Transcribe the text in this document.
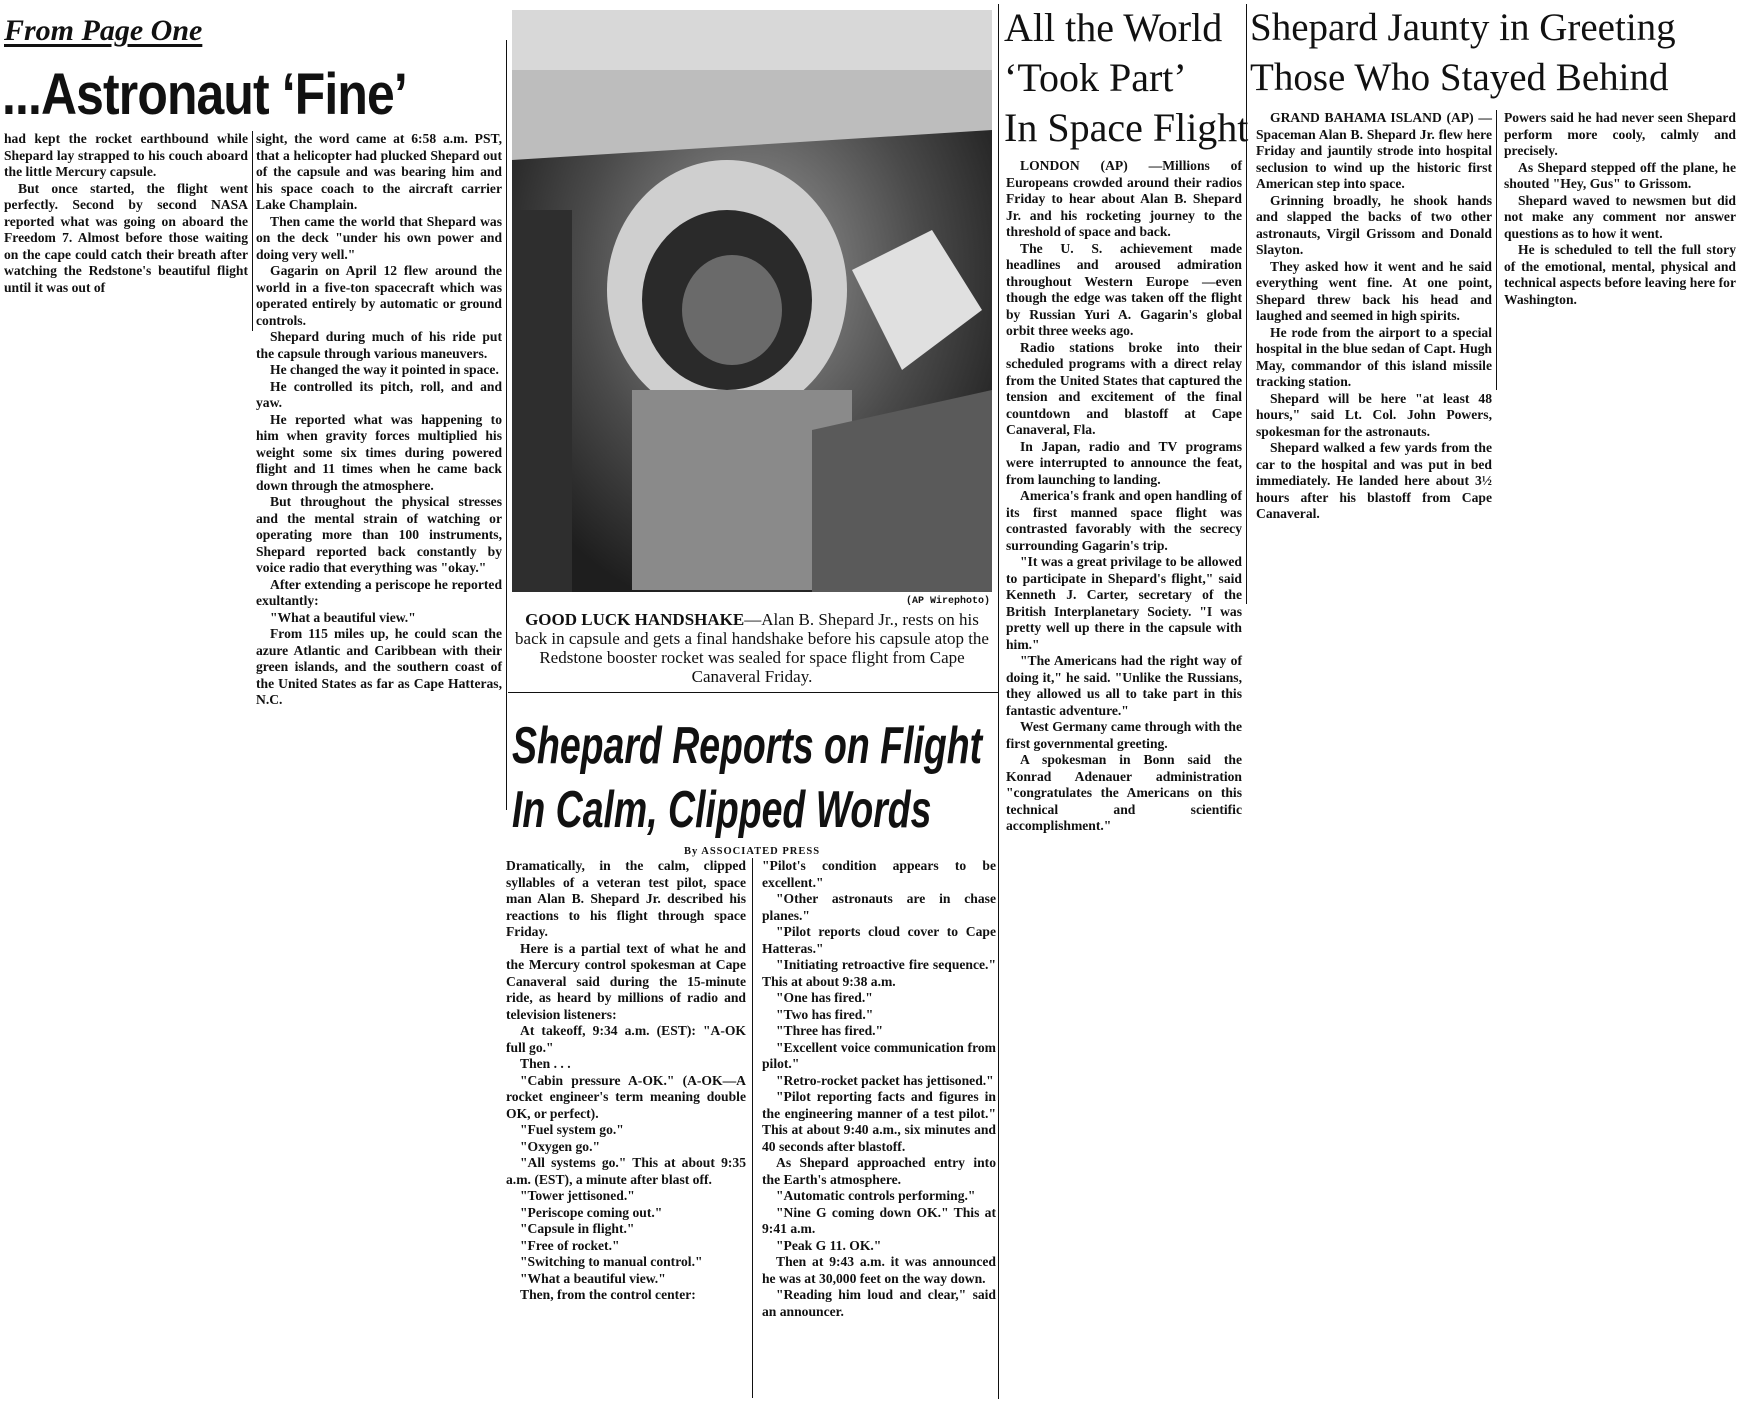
From Page One
...Astronaut ‘Fine’

had kept the rocket earthbound while Shepard lay strapped to his couch aboard the little Mercury capsule.

But once started, the flight went perfectly. Second by second NASA reported what was going on aboard the Freedom 7. Almost before those waiting on the cape could catch their breath after watching the Redstone's beautiful flight until it was out of

sight, the word came at 6:58 a.m. PST, that a helicopter had plucked Shepard out of the capsule and was bearing him and his space coach to the aircraft carrier Lake Champlain.

Then came the world that Shepard was on the deck "under his own power and doing very well."

Gagarin on April 12 flew around the world in a five-ton spacecraft which was operated entirely by automatic or ground controls.

Shepard during much of his ride put the capsule through various maneuvers.

He changed the way it pointed in space.

He controlled its pitch, roll, and and yaw.

He reported what was happening to him when gravity forces multiplied his weight some six times during powered flight and 11 times when he came back down through the atmosphere.

But throughout the physical stresses and the mental strain of watching or operating more than 100 instruments, Shepard reported back constantly by voice radio that everything was "okay."

After extending a periscope he reported exultantly:

"What a beautiful view."

From 115 miles up, he could scan the azure Atlantic and Caribbean with their green islands, and the southern coast of the United States as far as Cape Hatteras, N.C.

(AP Wirephoto)
GOOD LUCK HANDSHAKE—Alan B. Shepard Jr., rests on his back in capsule and gets a final handshake before his capsule atop the Redstone booster rocket was sealed for space flight from Cape Canaveral Friday.
Shepard Reports on Flight
In Calm, Clipped Words
By ASSOCIATED PRESS

Dramatically, in the calm, clipped syllables of a veteran test pilot, space man Alan B. Shepard Jr. described his reactions to his flight through space Friday.

Here is a partial text of what he and the Mercury control spokesman at Cape Canaveral said during the 15-minute ride, as heard by millions of radio and television listeners:

At takeoff, 9:34 a.m. (EST): "A-OK full go."

Then . . .

"Cabin pressure A-OK." (A-OK—A rocket engineer's term meaning double OK, or perfect).

"Fuel system go."

"Oxygen go."

"All systems go." This at about 9:35 a.m. (EST), a minute after blast off.

"Tower jettisoned."

"Periscope coming out."

"Capsule in flight."

"Free of rocket."

"Switching to manual control."

"What a beautiful view."

Then, from the control center:

"Pilot's condition appears to be excellent."

"Other astronauts are in chase planes."

"Pilot reports cloud cover to Cape Hatteras."

"Initiating retroactive fire sequence." This at about 9:38 a.m.

"One has fired."

"Two has fired."

"Three has fired."

"Excellent voice communication from pilot."

"Retro-rocket packet has jettisoned."

"Pilot reporting facts and figures in the engineering manner of a test pilot." This at about 9:40 a.m., six minutes and 40 seconds after blastoff.

As Shepard approached entry into the Earth's atmosphere.

"Automatic controls performing."

"Nine G coming down OK." This at 9:41 a.m.

"Peak G 11. OK."

Then at 9:43 a.m. it was announced he was at 30,000 feet on the way down.

"Reading him loud and clear," said an announcer.

All the World
‘Took Part’
In Space Flight

LONDON (AP) —Millions of Europeans crowded around their radios Friday to hear about Alan B. Shepard Jr. and his rocketing journey to the threshold of space and back.

The U. S. achievement made headlines and aroused admiration throughout Western Europe —even though the edge was taken off the flight by Russian Yuri A. Gagarin's global orbit three weeks ago.

Radio stations broke into their scheduled programs with a direct relay from the United States that captured the tension and excitement of the final countdown and blastoff at Cape Canaveral, Fla.

In Japan, radio and TV programs were interrupted to announce the feat, from launching to landing.

America's frank and open handling of its first manned space flight was contrasted favorably with the secrecy surrounding Gagarin's trip.

"It was a great privilage to be allowed to participate in Shepard's flight," said Kenneth J. Carter, secretary of the British Interplanetary Society. "I was pretty well up there in the capsule with him."

"The Americans had the right way of doing it," he said. "Unlike the Russians, they allowed us all to take part in this fantastic adventure."

West Germany came through with the first governmental greeting.

A spokesman in Bonn said the Konrad Adenauer administration "congratulates the Americans on this technical and scientific accomplishment."

Shepard Jaunty in Greeting
Those Who Stayed Behind

GRAND BAHAMA ISLAND (AP) —Spaceman Alan B. Shepard Jr. flew here Friday and jauntily strode into hospital seclusion to wind up the historic first American step into space.

Grinning broadly, he shook hands and slapped the backs of two other astronauts, Virgil Grissom and Donald Slayton.

They asked how it went and he said everything went fine. At one point, Shepard threw back his head and laughed and seemed in high spirits.

He rode from the airport to a special hospital in the blue sedan of Capt. Hugh May, commandor of this island missile tracking station.

Shepard will be here "at least 48 hours," said Lt. Col. John Powers, spokesman for the astronauts.

Shepard walked a few yards from the car to the hospital and was put in bed immediately. He landed here about 3½ hours after his blastoff from Cape Canaveral.

Powers said he had never seen Shepard perform more cooly, calmly and precisely.

As Shepard stepped off the plane, he shouted "Hey, Gus" to Grissom.

Shepard waved to newsmen but did not make any comment nor answer questions as to how it went.

He is scheduled to tell the full story of the emotional, mental, physical and technical aspects before leaving here for Washington.
